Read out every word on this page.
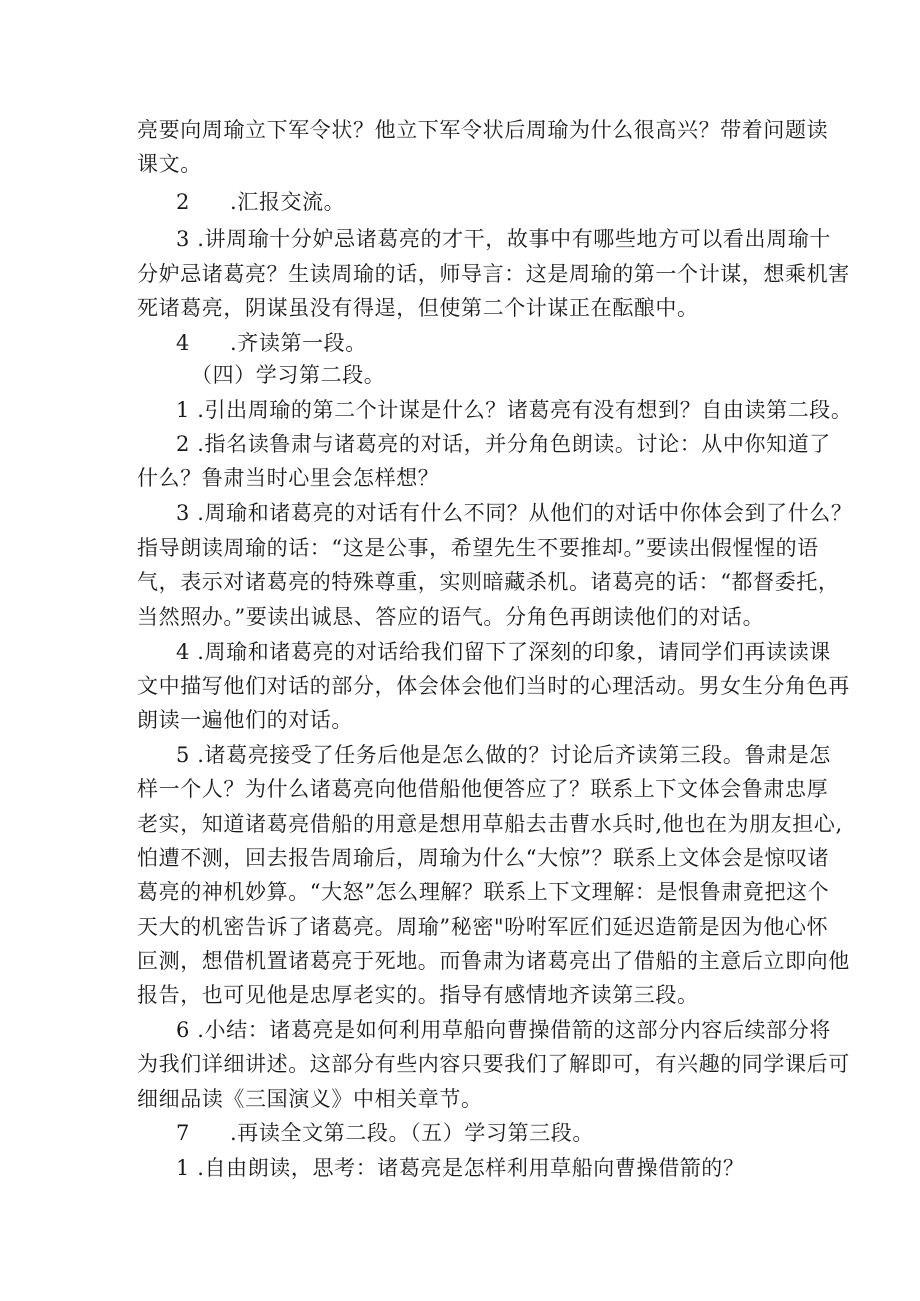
亮要向周瑜立下军令状？他立下军令状后周瑜为什么很高兴？带着问题读
课文。
2 .汇报交流。
3 .讲周瑜十分妒忌诸葛亮的才干，故事中有哪些地方可以看出周瑜十
分妒忌诸葛亮？生读周瑜的话，师导言：这是周瑜的第一个计谋，想乘机害
死诸葛亮，阴谋虽没有得逞，但使第二个计谋正在酝酿中。
4 .齐读第一段。
（四）学习第二段。
1 .引出周瑜的第二个计谋是什么？诸葛亮有没有想到？自由读第二段。
2 .指名读鲁肃与诸葛亮的对话，并分角色朗读。讨论：从中你知道了
什么？鲁肃当时心里会怎样想？
3 .周瑜和诸葛亮的对话有什么不同？从他们的对话中你体会到了什么？
指导朗读周瑜的话：“这是公事，希望先生不要推却。”要读出假惺惺的语
气，表示对诸葛亮的特殊尊重，实则暗藏杀机。诸葛亮的话：“都督委托，
当然照办。”要读出诚恳、答应的语气。分角色再朗读他们的对话。
4 .周瑜和诸葛亮的对话给我们留下了深刻的印象，请同学们再读读课
文中描写他们对话的部分，体会体会他们当时的心理活动。男女生分角色再
朗读一遍他们的对话。
5 .诸葛亮接受了任务后他是怎么做的？讨论后齐读第三段。鲁肃是怎
样一个人？为什么诸葛亮向他借船他便答应了？联系上下文体会鲁肃忠厚
老实，知道诸葛亮借船的用意是想用草船去击曹水兵时,他也在为朋友担心,
怕遭不测，回去报告周瑜后，周瑜为什么“大惊”？联系上文体会是惊叹诸
葛亮的神机妙算。“大怒”怎么理解？联系上下文理解：是恨鲁肃竟把这个
天大的机密告诉了诸葛亮。周瑜”秘密"吩咐军匠们延迟造箭是因为他心怀
叵测，想借机置诸葛亮于死地。而鲁肃为诸葛亮出了借船的主意后立即向他
报告，也可见他是忠厚老实的。指导有感情地齐读第三段。
6 .小结：诸葛亮是如何利用草船向曹操借箭的这部分内容后续部分将
为我们详细讲述。这部分有些内容只要我们了解即可，有兴趣的同学课后可
细细品读《三国演义》中相关章节。
7 .再读全文第二段。（五）学习第三段。
1 .自由朗读，思考：诸葛亮是怎样利用草船向曹操借箭的？
